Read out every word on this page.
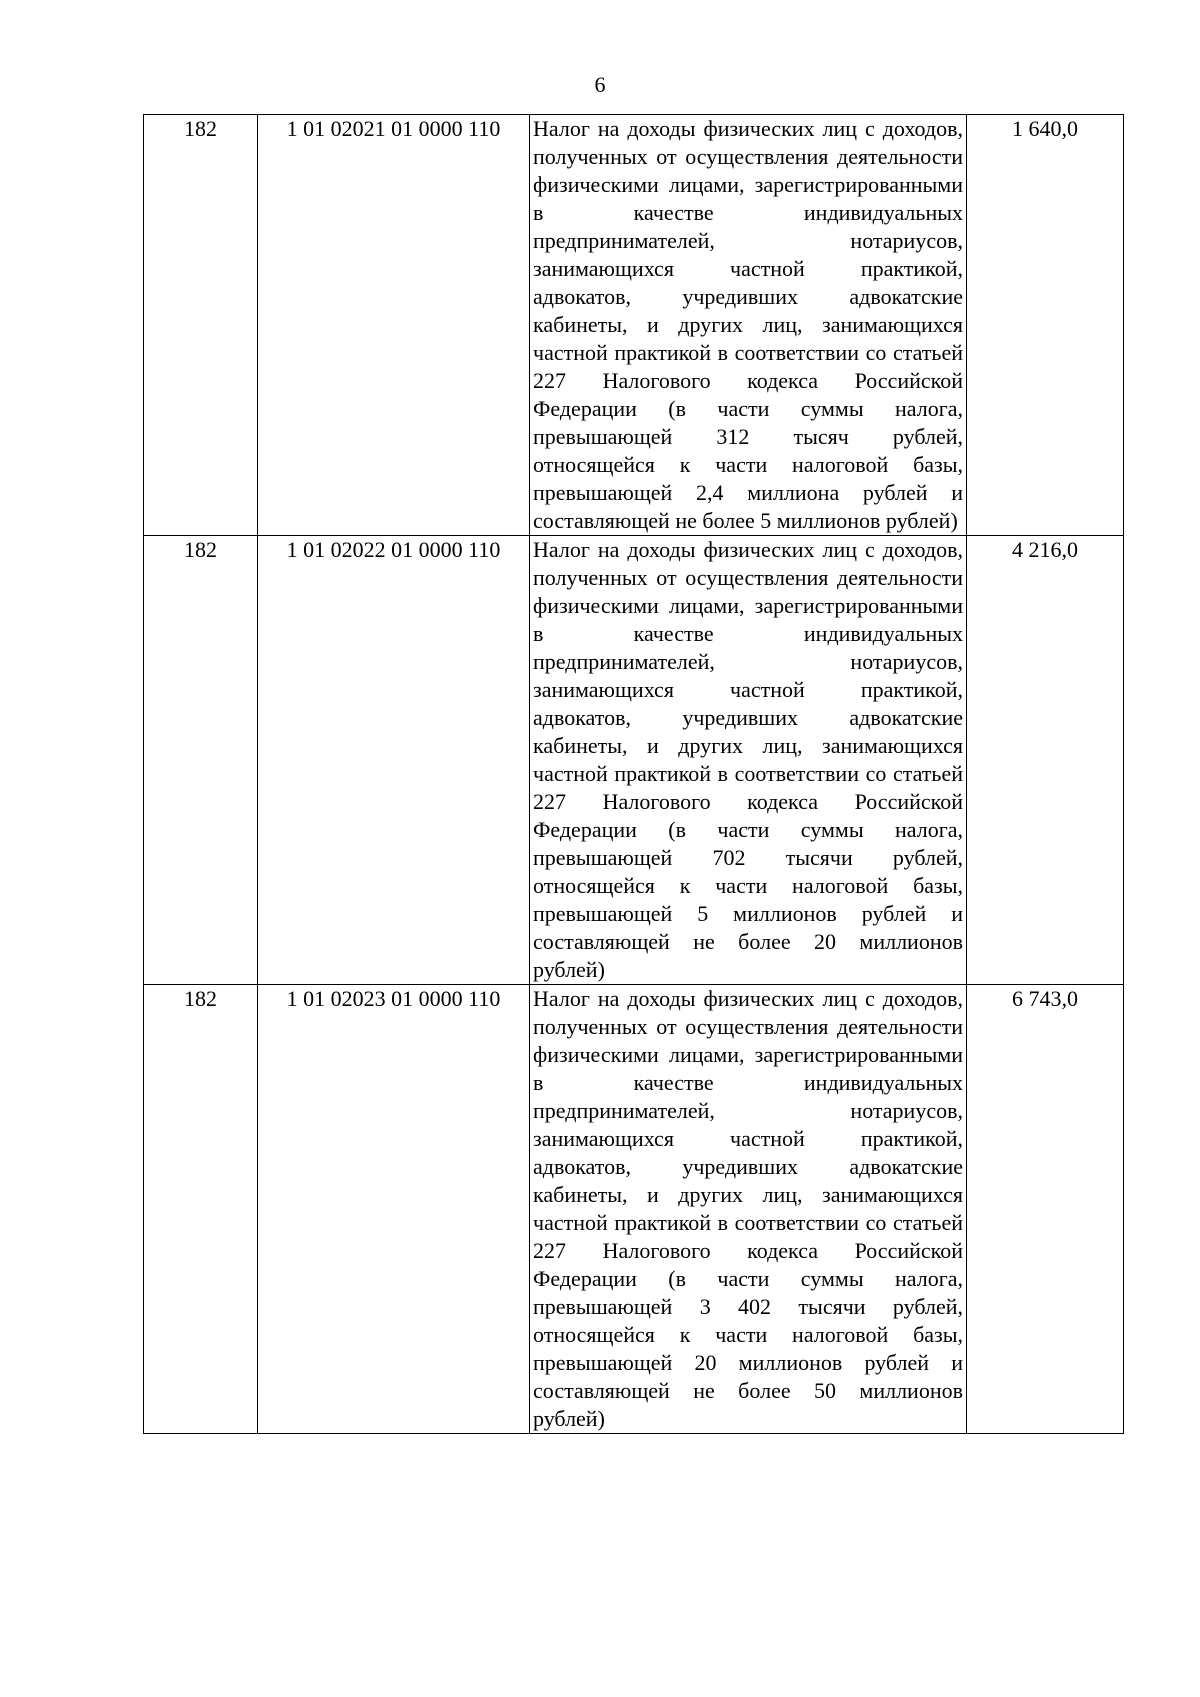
6
182	1 01 02021 01 0000 110	Налог на доходы физических лиц с доходов, полученных от осуществления деятельности физическими лицами, зарегистрированными в качестве индивидуальных предпринимателей, нотариусов, занимающихся частной практикой, адвокатов, учредивших адвокатские кабинеты, и других лиц, занимающихся частной практикой в соответствии со статьей 227 Налогового кодекса Российской Федерации (в части суммы налога, превышающей 312 тысяч рублей, относящейся к части налоговой базы, превышающей 2,4 миллиона рублей и составляющей не более 5 миллионов рублей)	1 640,0
182	1 01 02022 01 0000 110	Налог на доходы физических лиц с доходов, полученных от осуществления деятельности физическими лицами, зарегистрированными в качестве индивидуальных предпринимателей, нотариусов, занимающихся частной практикой, адвокатов, учредивших адвокатские кабинеты, и других лиц, занимающихся частной практикой в соответствии со статьей 227 Налогового кодекса Российской Федерации (в части суммы налога, превышающей 702 тысячи рублей, относящейся к части налоговой базы, превышающей 5 миллионов рублей и составляющей не более 20 миллионов рублей)	4 216,0
182	1 01 02023 01 0000 110	Налог на доходы физических лиц с доходов, полученных от осуществления деятельности физическими лицами, зарегистрированными в качестве индивидуальных предпринимателей, нотариусов, занимающихся частной практикой, адвокатов, учредивших адвокатские кабинеты, и других лиц, занимающихся частной практикой в соответствии со статьей 227 Налогового кодекса Российской Федерации (в части суммы налога, превышающей 3 402 тысячи рублей, относящейся к части налоговой базы, превышающей 20 миллионов рублей и составляющей не более 50 миллионов рублей)	6 743,0
